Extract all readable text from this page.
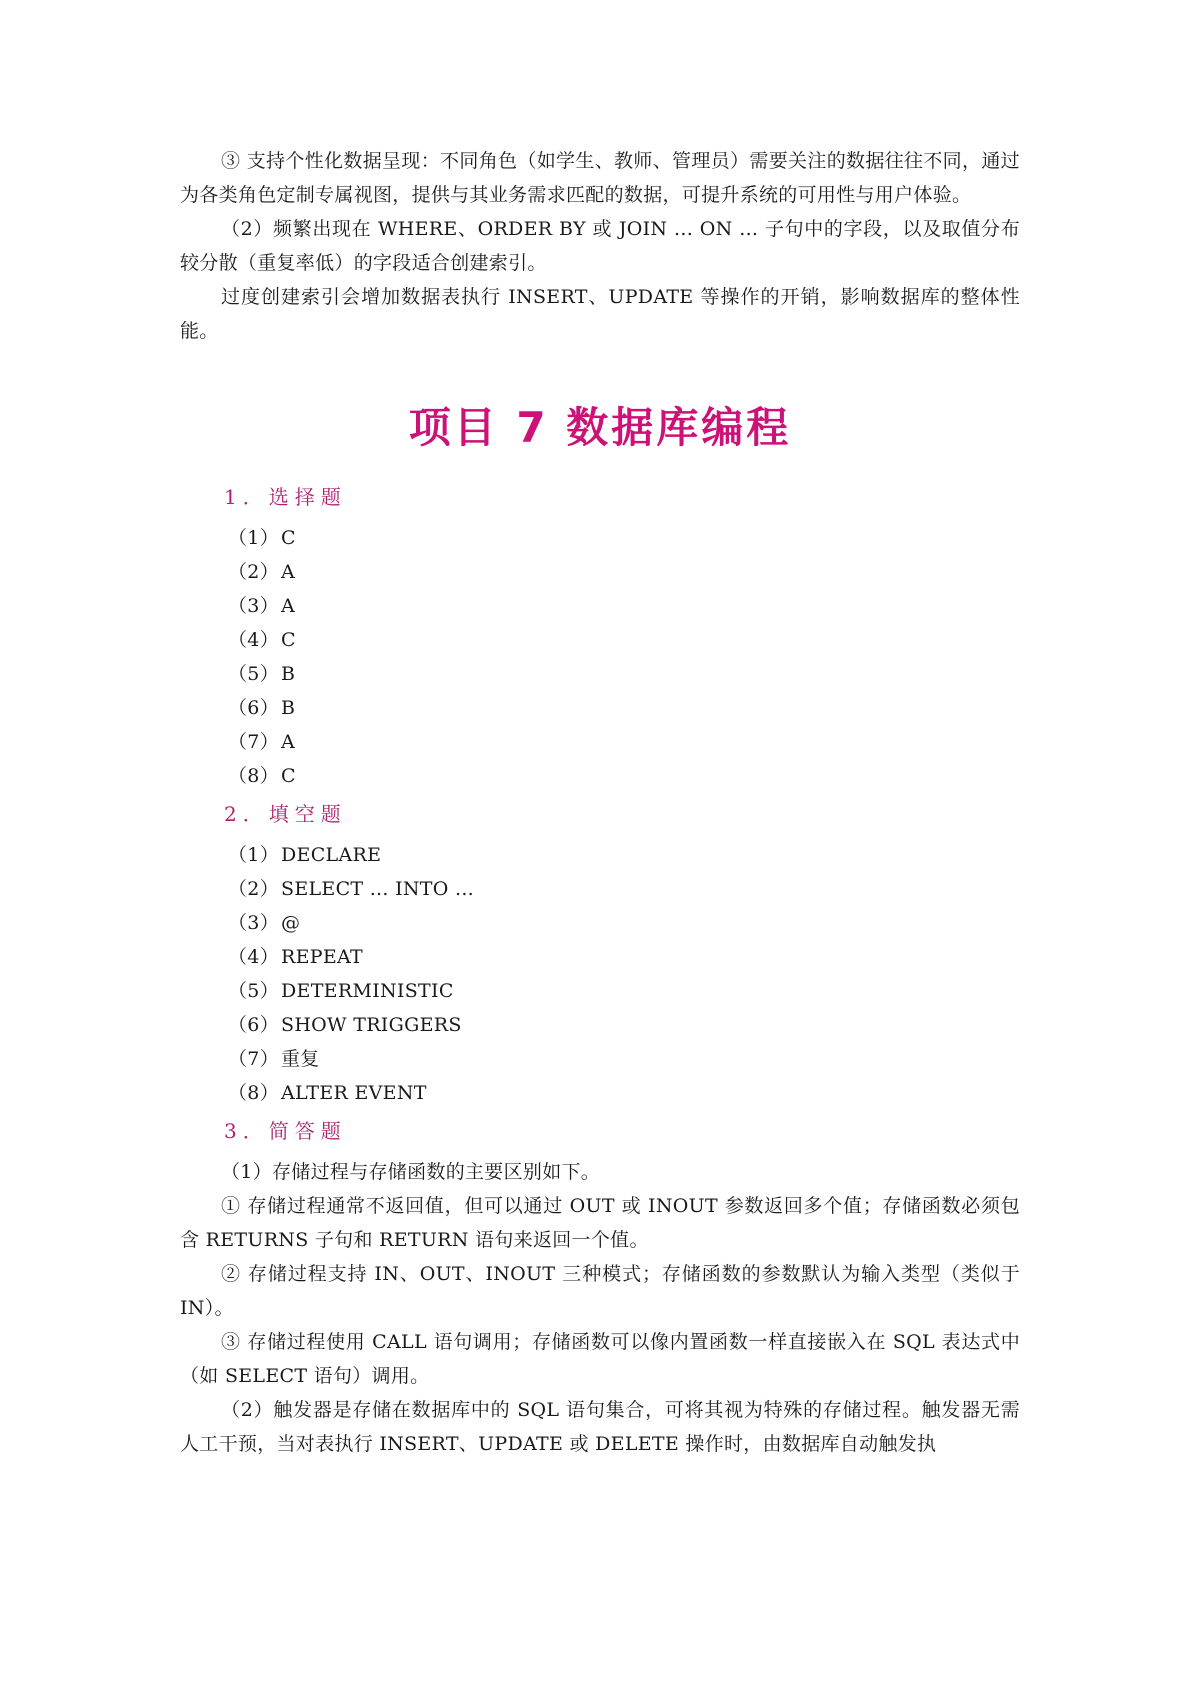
③ 支持个性化数据呈现：不同角色（如学生、教师、管理员）需要关注的数据往往不同，通过为各类角色定制专属视图，提供与其业务需求匹配的数据，可提升系统的可用性与用户体验。

（2）频繁出现在 WHERE、ORDER BY 或 JOIN ... ON ... 子句中的字段，以及取值分布较分散（重复率低）的字段适合创建索引。

过度创建索引会增加数据表执行 INSERT、UPDATE 等操作的开销，影响数据库的整体性能。

项目 7 数据库编程
1．选择题
（1） C
（2） A
（3） A
（4） C
（5） B
（6） B
（7） A
（8） C
2．填空题
（1） DECLARE
（2） SELECT ... INTO ...
（3） @
（4） REPEAT
（5） DETERMINISTIC
（6） SHOW TRIGGERS
（7） 重复
（8） ALTER EVENT
3．简答题

（1）存储过程与存储函数的主要区别如下。

① 存储过程通常不返回值，但可以通过 OUT 或 INOUT 参数返回多个值；存储函数必须包含 RETURNS 子句和 RETURN 语句来返回一个值。

② 存储过程支持 IN、OUT、INOUT 三种模式；存储函数的参数默认为输入类型（类似于 IN）。

③ 存储过程使用 CALL 语句调用；存储函数可以像内置函数一样直接嵌入在 SQL 表达式中（如 SELECT 语句）调用。

（2）触发器是存储在数据库中的 SQL 语句集合，可将其视为特殊的存储过程。触发器无需人工干预，当对表执行 INSERT、UPDATE 或 DELETE 操作时，由数据库自动触发执
